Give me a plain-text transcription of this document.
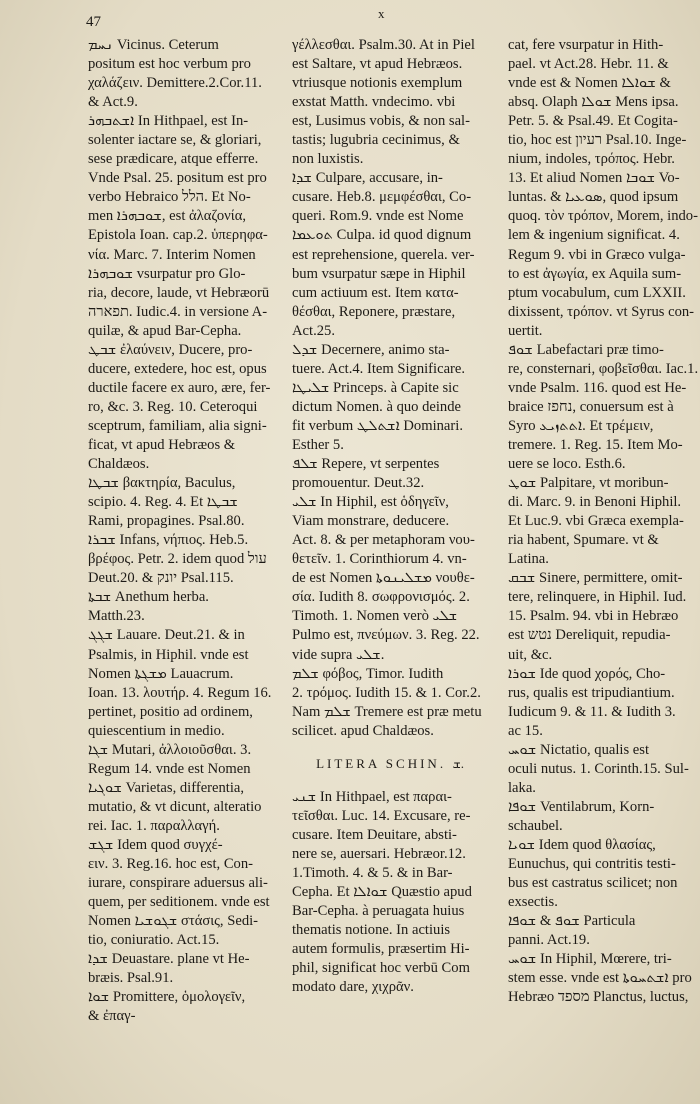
47
x
ܢܚܡ Vicinus. Ceterum
positum est hoc verbum pro
χαλάζειν. Demittere.2.Cor.11.
& Act.9.
ܐܫܬܒܗܪ In Hithpael, est In-
solenter iactare se, & gloriari,
sese prædicare, atque efferre.
Vnde Psal. 25. positum est pro
verbo Hebraico הלל. Et No-
men ܫܘܒܗܪܐ, est ἀλαζονία,
Epistola Ioan. cap.2. ὑπερηφα-
νία. Marc. 7. Interim Nomen
ܫܘܒܗܪܐ vsurpatur pro Glo-
ria, decore, laude, vt Hebræorū
תפארה. Iudic.4. in versione A-
quilæ, & apud Bar-Cepha.
ܫܒܛ ἐλαύνειν, Ducere, pro-
ducere, extedere, hoc est, opus
ductile facere ex auro, ære, fer-
ro, &c. 3. Reg. 10. Ceteroqui
sceptrum, familiam, alia signi-
ficat, vt apud Hebræos &
Chaldæos.
ܫܒܛܐ βακτηρία, Baculus,
scipio. 4. Reg. 4. Et ܫܒܛܐ
Rami, propagines. Psal.80.
ܫܒܪܐ Infans, νήπιος. Heb.5.
βρέφος. Petr. 2. idem quod עול
Deut.20. & יונק Psal.115.
ܫܒܬܐ Anethum herba.
Matth.23.
ܫܓܓ Lauare. Deut.21. & in
Psalmis, in Hiphil. vnde est
Nomen ܡܫܓܬܐ Lauacrum.
Ioan. 13. λουτήρ. 4. Regum 16.
pertinet, positio ad ordinem,
quiescentium in medio.
ܫܓܐ Mutari, ἀλλοιοῦσθαι. 3.
Regum 14. vnde est Nomen
ܫܘܓܝܐ Varietas, differentia,
mutatio, & vt dicunt, alteratio
rei. Iac. 1. παραλλαγή.
ܫܓܫ Idem quod συγχέ-
ειν. 3. Reg.16. hoc est, Con-
iurare, conspirare aduersus ali-
quem, per seditionem. vnde est
Nomen ܫܓܘܫܝܐ στάσις, Sedi-
tio, coniuratio. Act.15.
ܫܕܐ Deuastare. plane vt He-
bræis. Psal.91.
ܫܘܐ Promittere, ὁμολογεῖν,
& ἐπαγ-
γέλλεσθαι. Psalm.30. At in Piel
est Saltare, vt apud Hebræos.
vtriusque notionis exemplum
exstat Matth. vndecimo. vbi
est, Lusimus vobis, & non sal-
tastis; lugubria cecinimus, &
non luxistis.
ܫܕܐ Culpare, accusare, in-
cusare. Heb.8. μεμφέσθαι, Co-
queri. Rom.9. vnde est Nome
ܬܘܥܡܐ Culpa. id quod dignum
est reprehensione, querela. ver-
bum vsurpatur sæpe in Hiphil
cum actiuum est. Item κατα-
θέσθαι, Reponere, præstare,
Act.25.
ܫܕܠ Decernere, animo sta-
tuere. Act.4. Item Significare.
ܫܠܝܛܐ Princeps. à Capite sic
dictum Nomen. à quo deinde
fit verbum ܐܫܬܠܛ Dominari.
Esther 5.
ܫܠܦ Repere, vt serpentes
promouentur. Deut.32.
ܫܠܝ In Hiphil, est ὁδηγεῖν,
Viam monstrare, deducere.
Act. 8. & per metaphoram νου-
θετεῖν. 1. Corinthiorum 4. vn-
de est Nomen ܡܫܠܝܢܘܬܐ νουθε-
σία. Iudith 8. σωφρονισμός. 2.
Timoth. 1. Nomen verò ܫܠܝ
Pulmo est, πνεύμων. 3. Reg. 22.
vide supra ܫܠܝ.
ܫܠܡ φόβος, Timor. Iudith
2. τρόμος. Iudith 15. & 1. Cor.2.
Nam ܫܠܡ Tremere est præ metu
scilicet. apud Chaldæos.
LITERA SCHIN. ܫ.
ܫܢܝ In Hithpael, est παραι-
τεῖσθαι. Luc. 14. Excusare, re-
cusare. Item Deuitare, absti-
nere se, auersari. Hebræor.12.
1.Timoth. 4. & 5. & in Bar-
Cepha. Et ܫܘܐܠܐ Quæstio apud
Bar-Cepha. à peruagata huius
thematis notione. In actiuis
autem formulis, præsertim Hi-
phil, significat hoc verbū Com
modato dare, χιχρᾶν.
cat, fere vsurpatur in Hith-
pael. vt Act.28. Hebr. 11. &
vnde est & Nomen ܫܘܐܠܐ &
absq. Olaph ܫܘܠܐ Mens ipsa.
Petr. 5. & Psal.49. Et Cogita-
tio, hoc est רעיון Psal.10. Inge-
nium, indoles, τρόπος. Hebr.
13. Et aliud Nomen ܫܘܒܐ Vo-
luntas. & ܣܘܥܝܐ, quod ipsum
quoq. τὸν τρόπον, Morem, indo-
lem & ingenium significat. 4.
Regum 9. vbi in Græco vulga-
to est ἀγωγία, ex Aquila sum-
ptum vocabulum, cum LXXII.
dixissent, τρόπον. vt Syrus con-
uertit.
ܫܘܦ Labefactari præ timo-
re, consternari, φοβεῖσθαι. Iac.1.
vnde Psalm. 116. quod est He-
braice נחפז, conuersum est à
Syro ܐܬܬܙܝܥ. Et τρέμειν,
tremere. 1. Reg. 15. Item Mo-
uere se loco. Esth.6.
ܫܘܛ Palpitare, vt moribun-
di. Marc. 9. in Benoni Hiphil.
Et Luc.9. vbi Græca exempla-
ria habent, Spumare. vt &
Latina.
ܫܒܩ Sinere, permittere, omit-
tere, relinquere, in Hiphil. Iud.
15. Psalm. 94. vbi in Hebræo
est נטש Dereliquit, repudia-
uit, &c.
ܫܘܪܐ Ide quod χορός, Cho-
rus, qualis est tripudiantium.
Iudicum 9. & 11. & Iudith 3.
ac 15.
ܫܘܚ Nictatio, qualis est
oculi nutus. 1. Corinth.15. Sul-
laka.
ܫܘܦܐ Ventilabrum, Korn-
schaubel.
ܫܘܝܐ Idem quod θλασίας,
Eunuchus, qui contritis testi-
bus est castratus scilicet; non
exsectis.
ܫܘܦ & ܫܘܦܐ Particula
panni. Act.19.
ܫܘܚ In Hiphil, Mœrere, tri-
stem esse. vnde est ܐܫܬܚܘܬܐ pro
Hebræo מספד Planctus, luctus,
